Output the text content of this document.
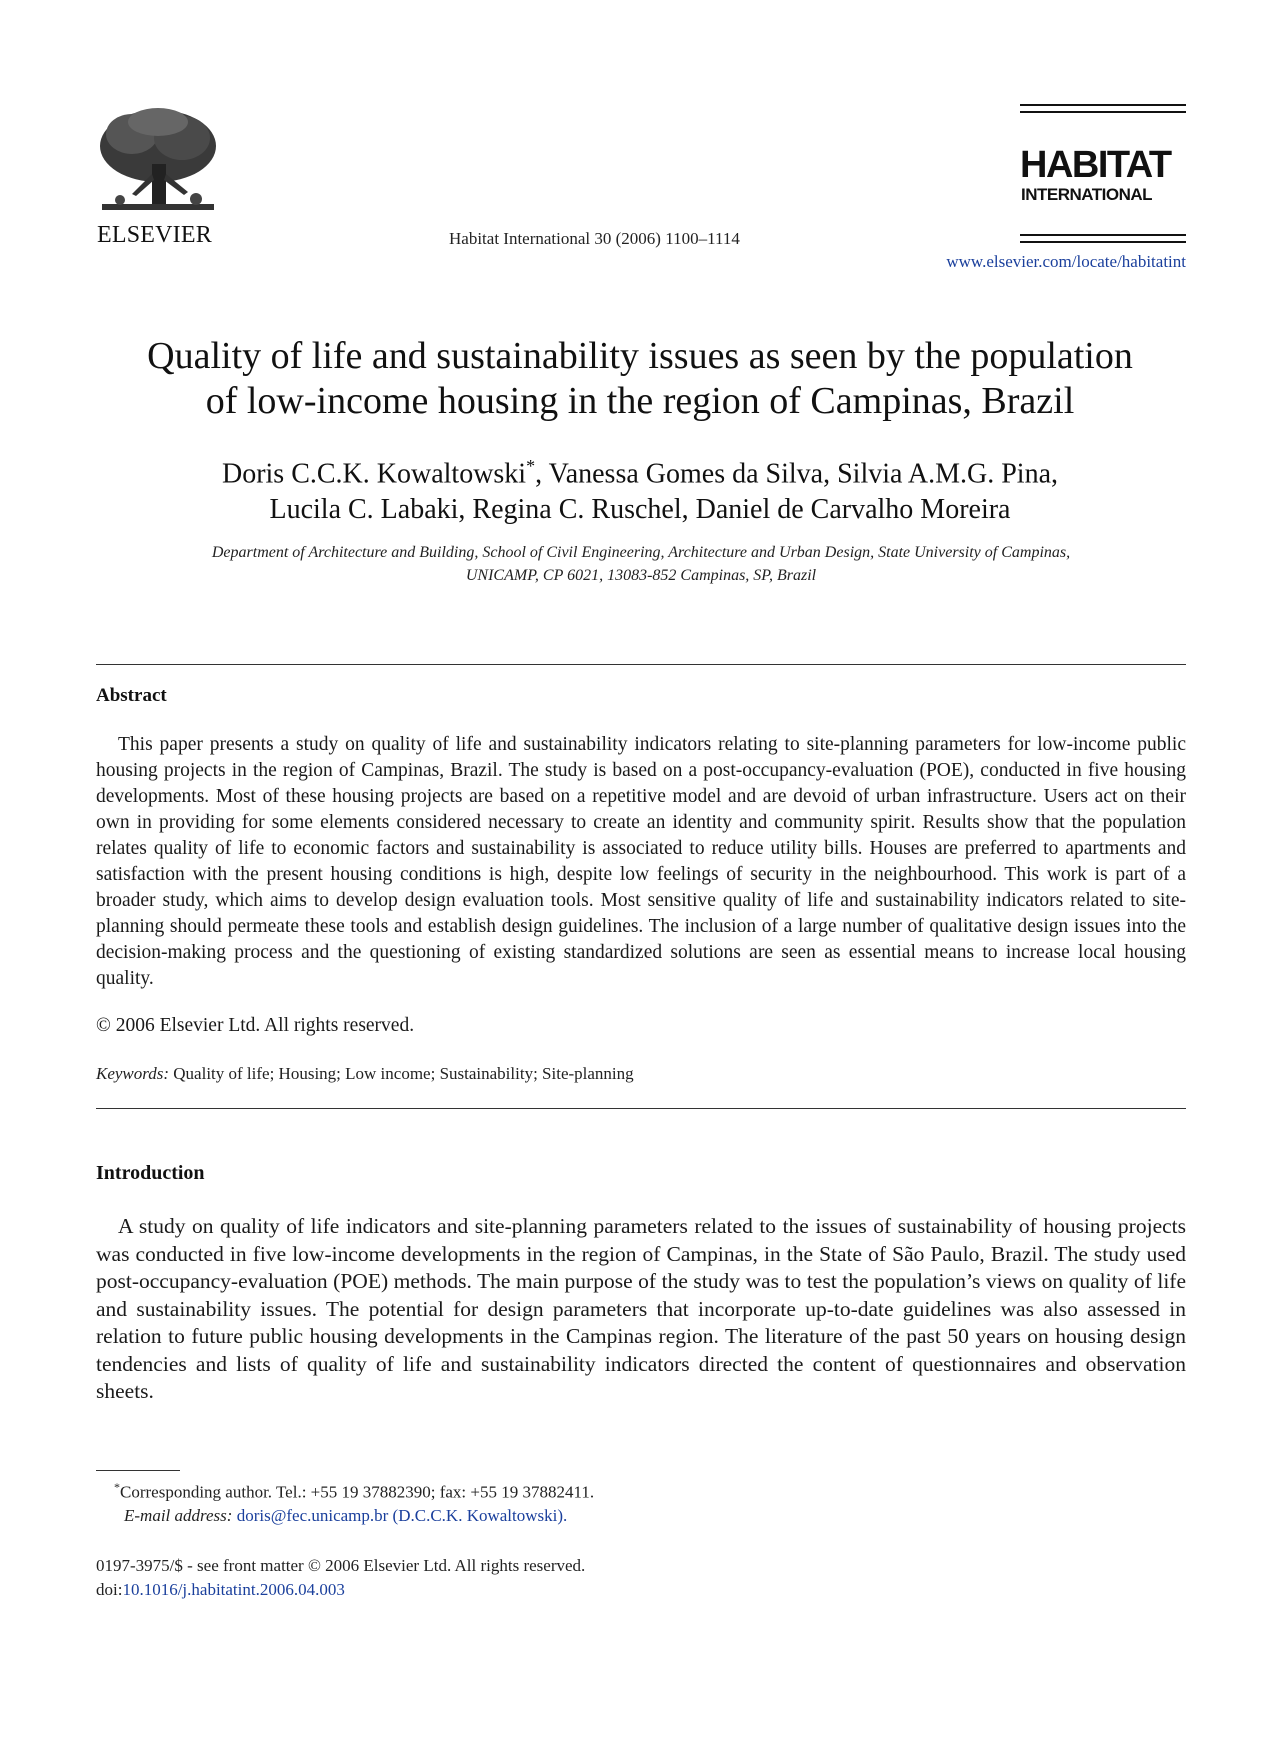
ELSEVIER	Habitat International 30 (2006) 1100–1114
HABITAT
INTERNATIONAL
www.elsevier.com/locate/habitatint
Quality of life and sustainability issues as seen by the population
of low-income housing in the region of Campinas, Brazil
Doris C.C.K. Kowaltowski*, Vanessa Gomes da Silva, Silvia A.M.G. Pina,
Lucila C. Labaki, Regina C. Ruschel, Daniel de Carvalho Moreira
Department of Architecture and Building, School of Civil Engineering, Architecture and Urban Design, State University of Campinas,
UNICAMP, CP 6021, 13083-852 Campinas, SP, Brazil
Abstract

This paper presents a study on quality of life and sustainability indicators relating to site-planning parameters for low-income public housing projects in the region of Campinas, Brazil. The study is based on a post-occupancy-evaluation (POE), conducted in five housing developments. Most of these housing projects are based on a repetitive model and are devoid of urban infrastructure. Users act on their own in providing for some elements considered necessary to create an identity and community spirit. Results show that the population relates quality of life to economic factors and sustainability is associated to reduce utility bills. Houses are preferred to apartments and satisfaction with the present housing conditions is high, despite low feelings of security in the neighbourhood. This work is part of a broader study, which aims to develop design evaluation tools. Most sensitive quality of life and sustainability indicators related to site-planning should permeate these tools and establish design guidelines. The inclusion of a large number of qualitative design issues into the decision-making process and the questioning of existing standardized solutions are seen as essential means to increase local housing quality.

© 2006 Elsevier Ltd. All rights reserved.
Keywords: Quality of life; Housing; Low income; Sustainability; Site-planning
Introduction

A study on quality of life indicators and site-planning parameters related to the issues of sustainability of housing projects was conducted in five low-income developments in the region of Campinas, in the State of São Paulo, Brazil. The study used post-occupancy-evaluation (POE) methods. The main purpose of the study was to test the population’s views on quality of life and sustainability issues. The potential for design parameters that incorporate up-to-date guidelines was also assessed in relation to future public housing developments in the Campinas region. The literature of the past 50 years on housing design tendencies and lists of quality of life and sustainability indicators directed the content of questionnaires and observation sheets.

*Corresponding author. Tel.: +55 19 37882390; fax: +55 19 37882411.
E-mail address: doris@fec.unicamp.br (D.C.C.K. Kowaltowski).
0197-3975/$ - see front matter © 2006 Elsevier Ltd. All rights reserved.
doi:10.1016/j.habitatint.2006.04.003
